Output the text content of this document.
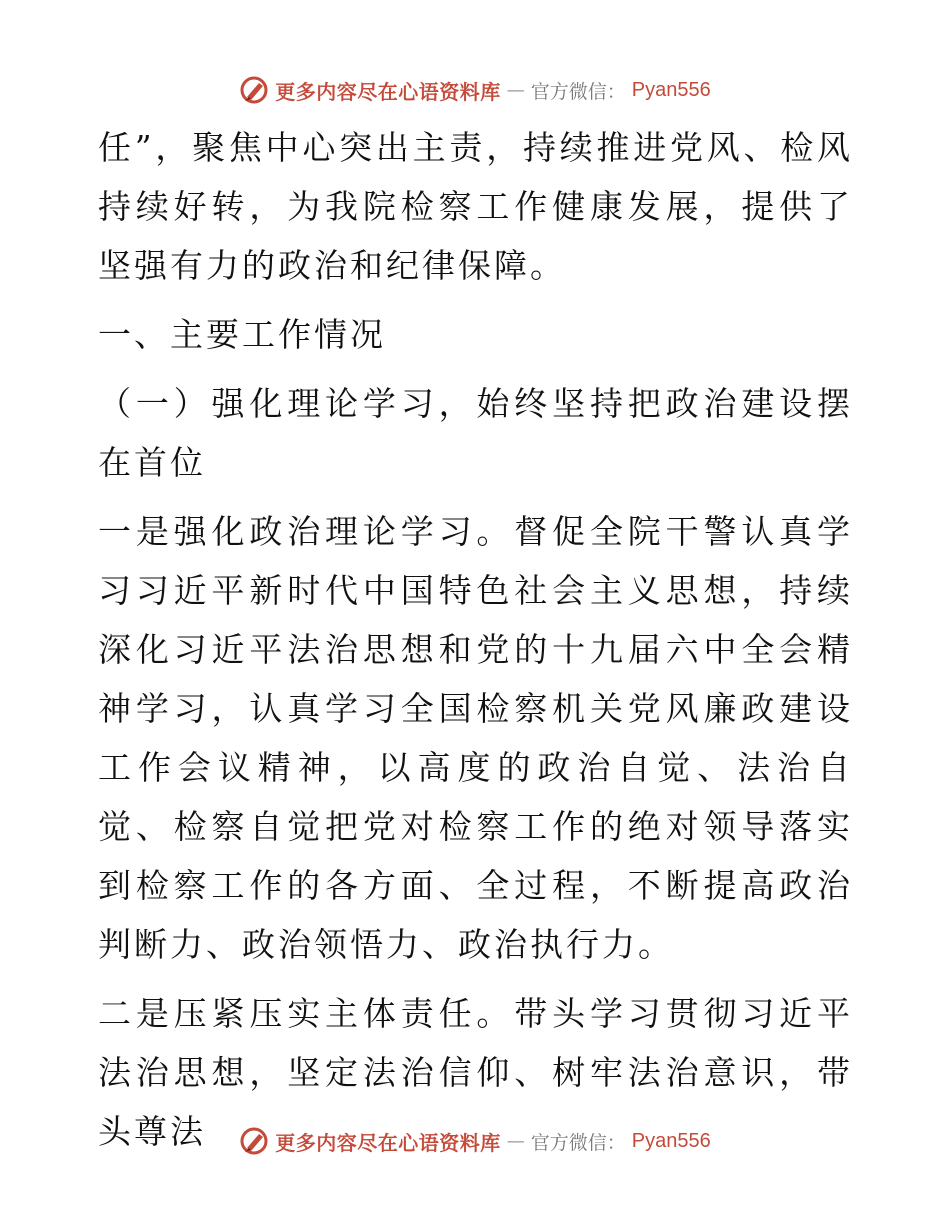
更多内容尽在心语资料库 — 官方微信： Pyan556

任”，聚焦中心突出主责，持续推进党风、检风持续好转，为我院检察工作健康发展，提供了坚强有力的政治和纪律保障。

一、主要工作情况

（一）强化理论学习，始终坚持把政治建设摆在首位

一是强化政治理论学习。督促全院干警认真学习习近平新时代中国特色社会主义思想，持续深化习近平法治思想和党的十九届六中全会精神学习，认真学习全国检察机关党风廉政建设工作会议精神，以高度的政治自觉、法治自觉、检察自觉把党对检察工作的绝对领导落实到检察工作的各方面、全过程，不断提高政治判断力、政治领悟力、政治执行力。

二是压紧压实主体责任。带头学习贯彻习近平法治思想，坚定法治信仰、树牢法治意识，带头尊法	更多内容尽在心语资料库 — 官方微信： Pyan556
